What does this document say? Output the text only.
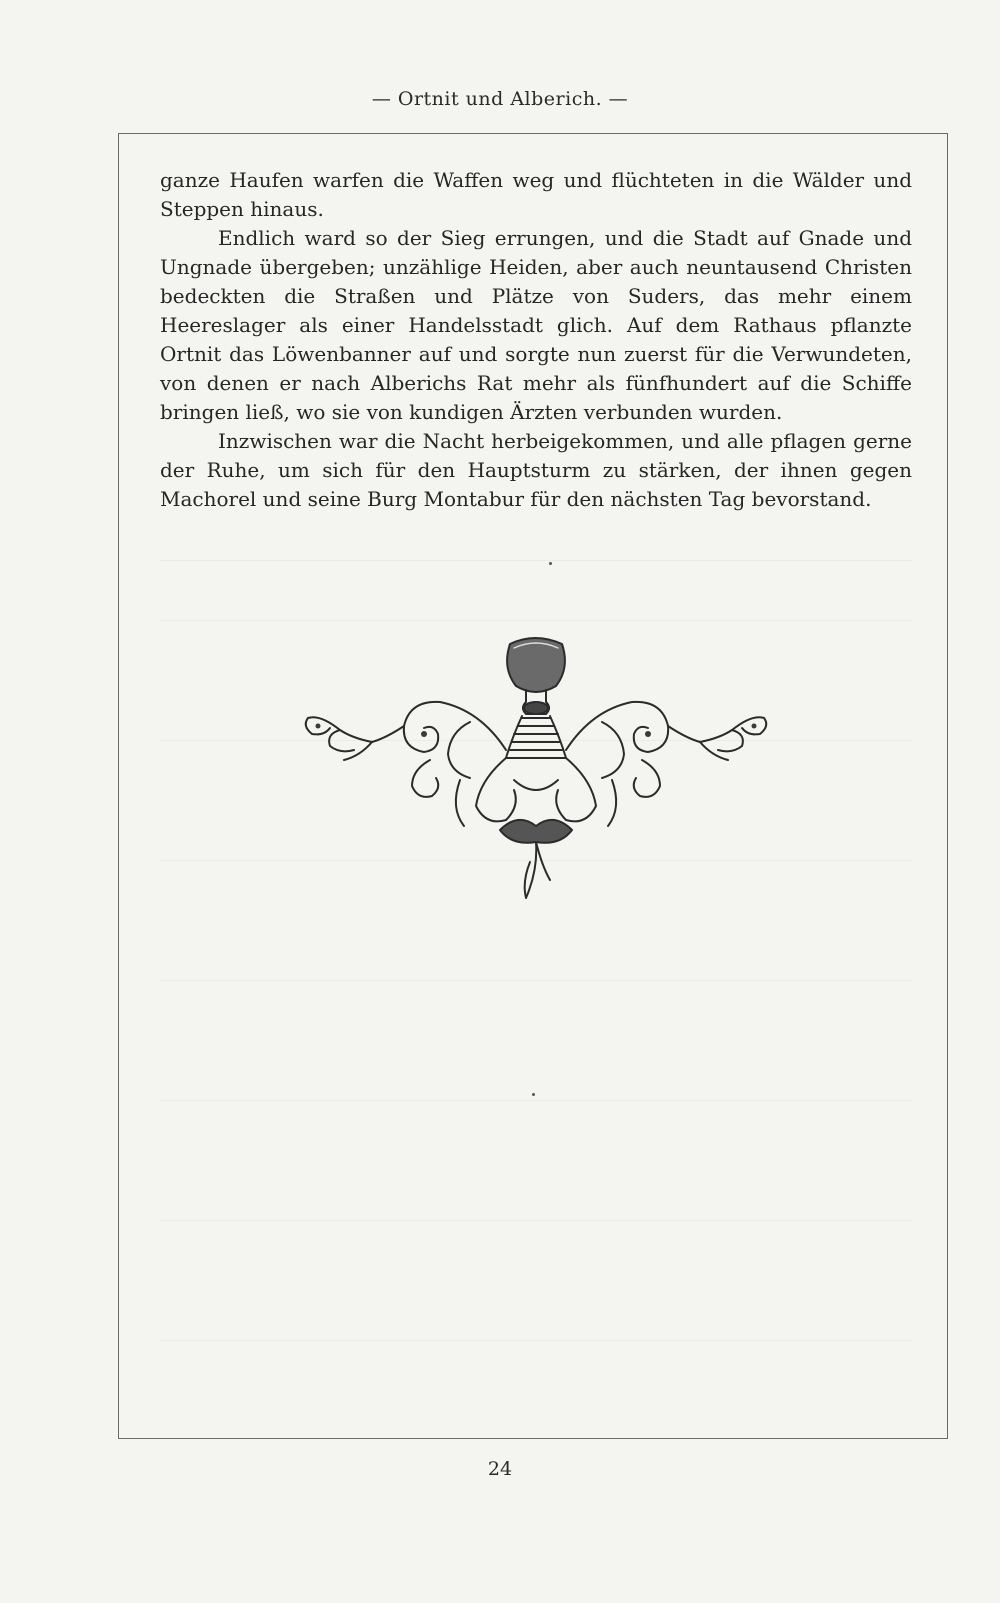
— Ortnit und Alberich. —

ganze Haufen warfen die Waffen weg und flüchteten in die Wälder und Steppen hinaus.

Endlich ward so der Sieg errungen, und die Stadt auf Gnade und Ungnade übergeben; unzählige Heiden, aber auch neuntausend Christen bedeckten die Straßen und Plätze von Suders, das mehr einem Heereslager als einer Handelsstadt glich. Auf dem Rathaus pflanzte Ortnit das Löwenbanner auf und sorgte nun zuerst für die Verwundeten, von denen er nach Alberichs Rat mehr als fünfhundert auf die Schiffe bringen ließ, wo sie von kundigen Ärzten verbunden wurden.

Inzwischen war die Nacht herbeigekommen, und alle pflagen gerne der Ruhe, um sich für den Hauptsturm zu stärken, der ihnen gegen Machorel und seine Burg Montabur für den nächsten Tag bevorstand.

24
